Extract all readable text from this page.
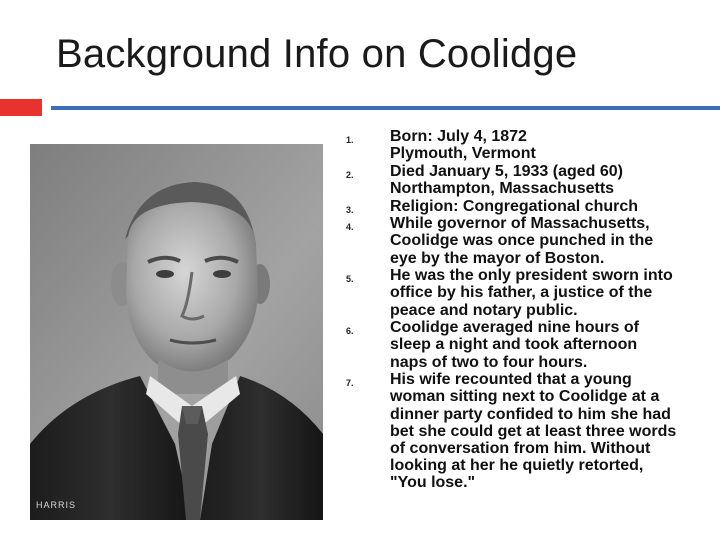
Background Info on Coolidge
HARRIS
1. Born: July 4, 1872
Plymouth, Vermont
2. Died January 5, 1933 (aged 60)
Northampton, Massachusetts
3. Religion: Congregational church
4. While governor of Massachusetts,
Coolidge was once punched in the
eye by the mayor of Boston.
5. He was the only president sworn into
office by his father, a justice of the
peace and notary public.
6. Coolidge averaged nine hours of
sleep a night and took afternoon
naps of two to four hours.
7. His wife recounted that a young
woman sitting next to Coolidge at a
dinner party confided to him she had
bet she could get at least three words
of conversation from him. Without
looking at her he quietly retorted,
"You lose."
